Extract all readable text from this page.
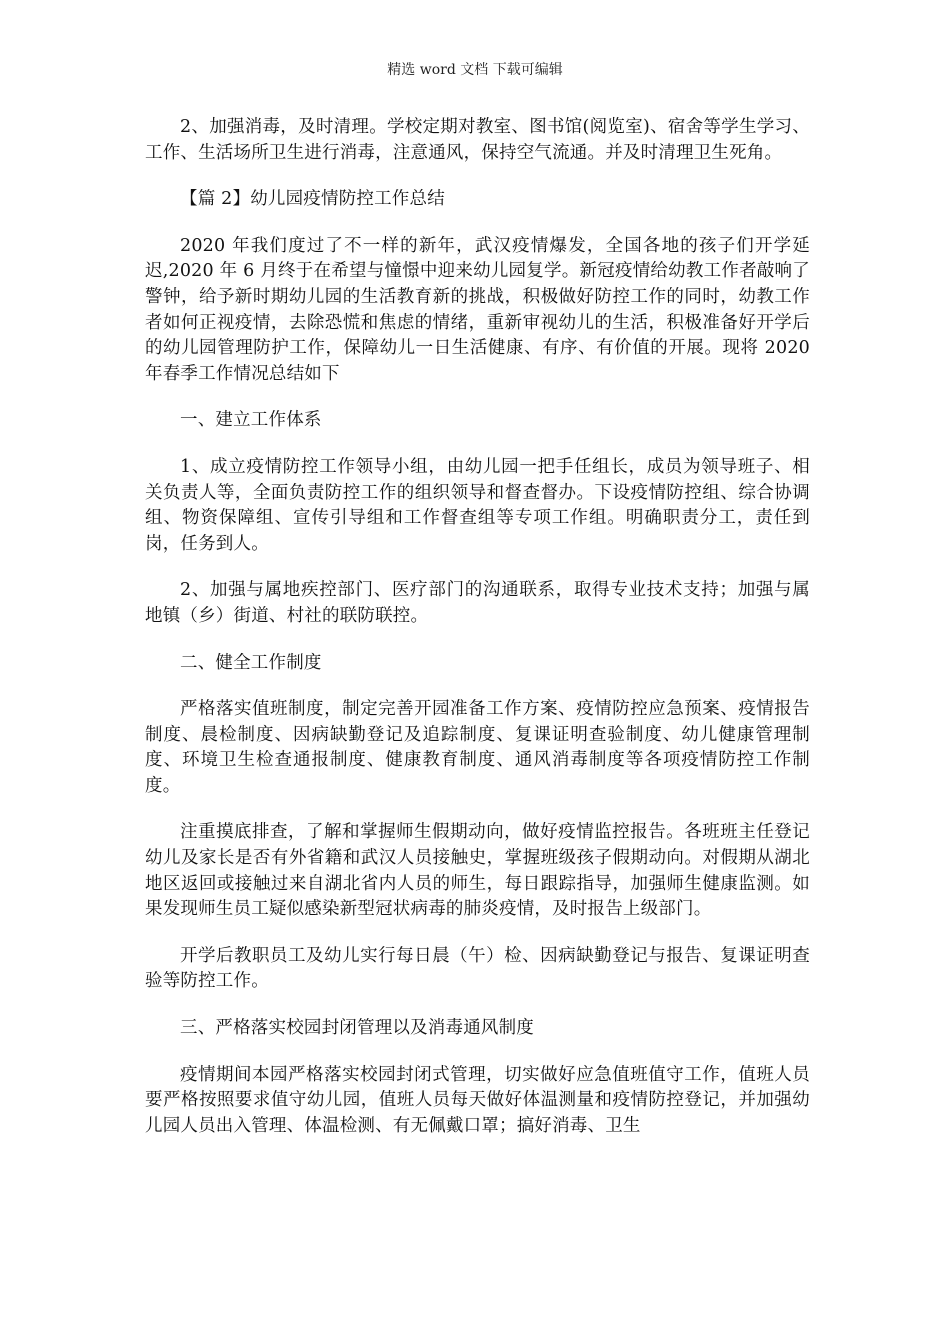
精选 word 文档 下载可编辑

2、加强消毒，及时清理。学校定期对教室、图书馆(阅览室)、宿舍等学生学习、工作、生活场所卫生进行消毒，注意通风，保持空气流通。并及时清理卫生死角。

【篇 2】幼儿园疫情防控工作总结

2020 年我们度过了不一样的新年，武汉疫情爆发，全国各地的孩子们开学延迟,2020 年 6 月终于在希望与憧憬中迎来幼儿园复学。新冠疫情给幼教工作者敲响了警钟，给予新时期幼儿园的生活教育新的挑战，积极做好防控工作的同时，幼教工作者如何正视疫情，去除恐慌和焦虑的情绪，重新审视幼儿的生活，积极准备好开学后的幼儿园管理防护工作，保障幼儿一日生活健康、有序、有价值的开展。现将 2020 年春季工作情况总结如下

一、建立工作体系

1、成立疫情防控工作领导小组，由幼儿园一把手任组长，成员为领导班子、相关负责人等，全面负责防控工作的组织领导和督查督办。下设疫情防控组、综合协调组、物资保障组、宣传引导组和工作督查组等专项工作组。明确职责分工，责任到岗，任务到人。

2、加强与属地疾控部门、医疗部门的沟通联系，取得专业技术支持；加强与属地镇（乡）街道、村社的联防联控。

二、健全工作制度

严格落实值班制度，制定完善开园准备工作方案、疫情防控应急预案、疫情报告制度、晨检制度、因病缺勤登记及追踪制度、复课证明查验制度、幼儿健康管理制度、环境卫生检查通报制度、健康教育制度、通风消毒制度等各项疫情防控工作制度。

注重摸底排查，了解和掌握师生假期动向，做好疫情监控报告。各班班主任登记幼儿及家长是否有外省籍和武汉人员接触史，掌握班级孩子假期动向。对假期从湖北地区返回或接触过来自湖北省内人员的师生，每日跟踪指导，加强师生健康监测。如果发现师生员工疑似感染新型冠状病毒的肺炎疫情，及时报告上级部门。

开学后教职员工及幼儿实行每日晨（午）检、因病缺勤登记与报告、复课证明查验等防控工作。

三、严格落实校园封闭管理以及消毒通风制度

疫情期间本园严格落实校园封闭式管理，切实做好应急值班值守工作，值班人员要严格按照要求值守幼儿园，值班人员每天做好体温测量和疫情防控登记，并加强幼儿园人员出入管理、体温检测、有无佩戴口罩；搞好消毒、卫生
